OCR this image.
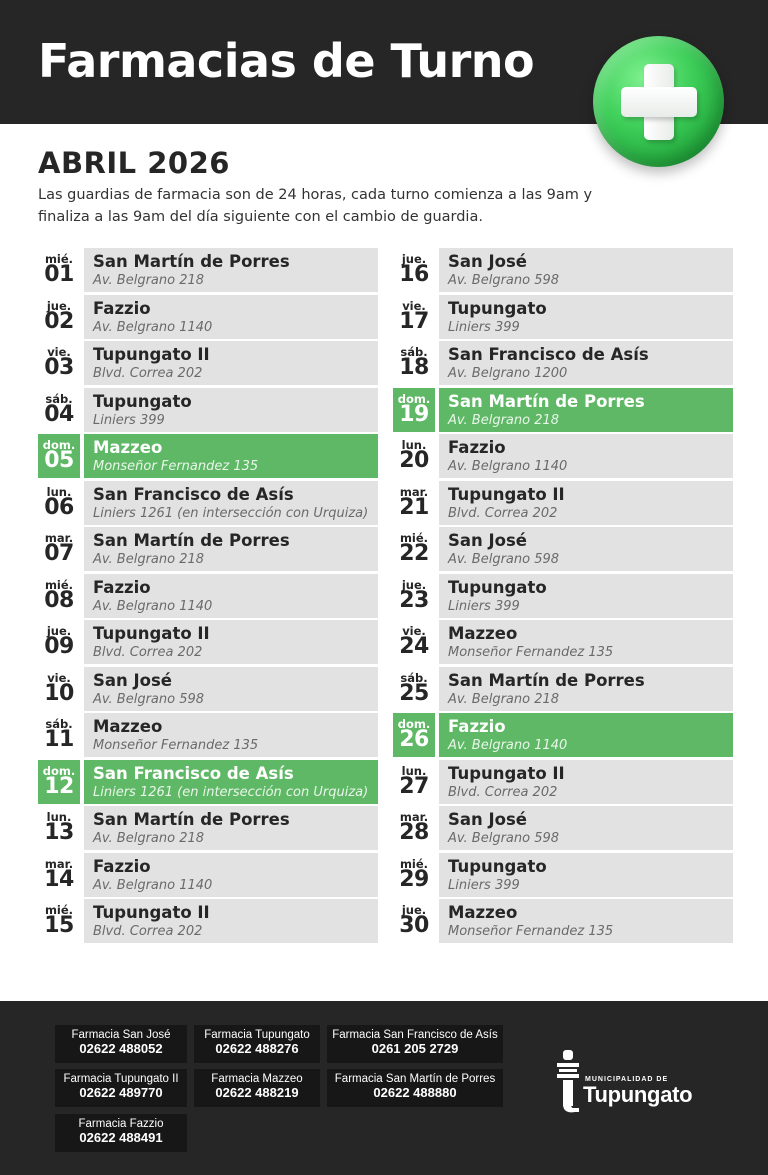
Farmacias de Turno
ABRIL 2026
Las guardias de farmacia son de 24 horas, cada turno comienza a las 9am y finaliza a las 9am del día siguiente con el cambio de guardia.
mié.
01
San Martín de Porres
Av. Belgrano 218
jue.
02
Fazzio
Av. Belgrano 1140
vie.
03
Tupungato II
Blvd. Correa 202
sáb.
04
Tupungato
Liniers 399
dom.
05
Mazzeo
Monseñor Fernandez 135
lun.
06
San Francisco de Asís
Liniers 1261 (en intersección con Urquiza)
mar.
07
San Martín de Porres
Av. Belgrano 218
mié.
08
Fazzio
Av. Belgrano 1140
jue.
09
Tupungato II
Blvd. Correa 202
vie.
10
San José
Av. Belgrano 598
sáb.
11
Mazzeo
Monseñor Fernandez 135
dom.
12
San Francisco de Asís
Liniers 1261 (en intersección con Urquiza)
lun.
13
San Martín de Porres
Av. Belgrano 218
mar.
14
Fazzio
Av. Belgrano 1140
mié.
15
Tupungato II
Blvd. Correa 202
jue.
16
San José
Av. Belgrano 598
vie.
17
Tupungato
Liniers 399
sáb.
18
San Francisco de Asís
Av. Belgrano 1200
dom.
19
San Martín de Porres
Av. Belgrano 218
lun.
20
Fazzio
Av. Belgrano 1140
mar.
21
Tupungato II
Blvd. Correa 202
mié.
22
San José
Av. Belgrano 598
jue.
23
Tupungato
Liniers 399
vie.
24
Mazzeo
Monseñor Fernandez 135
sáb.
25
San Martín de Porres
Av. Belgrano 218
dom.
26
Fazzio
Av. Belgrano 1140
lun.
27
Tupungato II
Blvd. Correa 202
mar.
28
San José
Av. Belgrano 598
mié.
29
Tupungato
Liniers 399
jue.
30
Mazzeo
Monseñor Fernandez 135
Farmacia San José
02622 488052
Farmacia Tupungato
02622 488276
Farmacia San Francisco de Asís
0261 205 2729
Farmacia Tupungato II
02622 489770
Farmacia Mazzeo
02622 488219
Farmacia San Martín de Porres
02622 488880
Farmacia Fazzio
02622 488491
MUNICIPALIDAD DE
Tupungato
